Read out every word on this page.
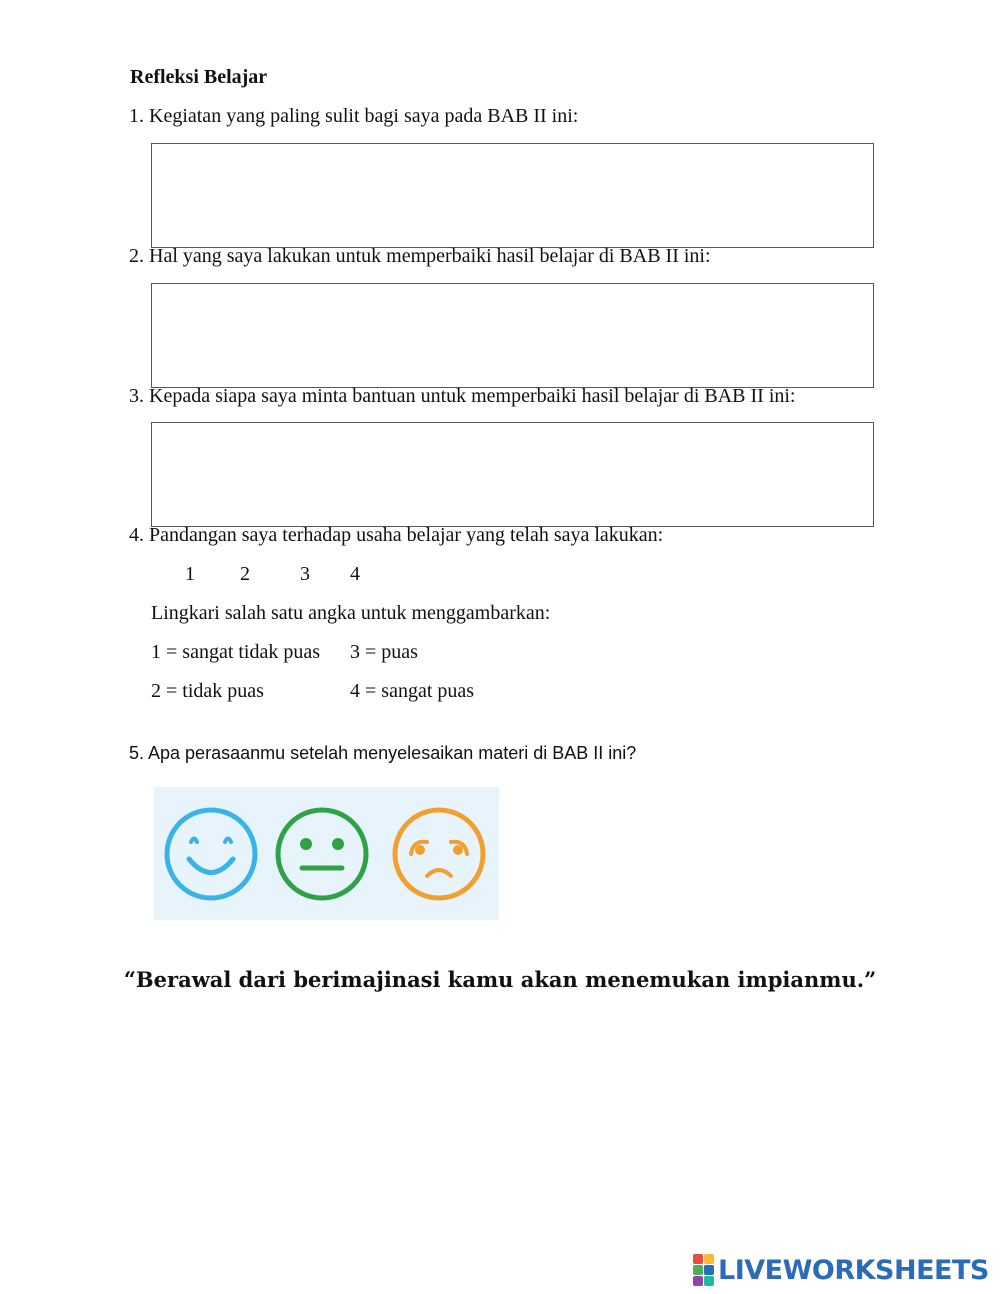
Refleksi Belajar
1. Kegiatan yang paling sulit bagi saya pada BAB II ini:
2. Hal yang saya lakukan untuk memperbaiki hasil belajar di BAB II ini:
3. Kepada siapa saya minta bantuan untuk memperbaiki hasil belajar di BAB II ini:
4. Pandangan saya terhadap usaha belajar yang telah saya lakukan:
1 2	3 4
Lingkari salah satu angka untuk menggambarkan:
1 = sangat tidak puas 3 = puas
2 = tidak puas	4 = sangat puas
5. Apa perasaanmu setelah menyelesaikan materi di BAB II ini?
“Berawal dari berimajinasi kamu akan menemukan impianmu.”
LIVEWORKSHEETS
